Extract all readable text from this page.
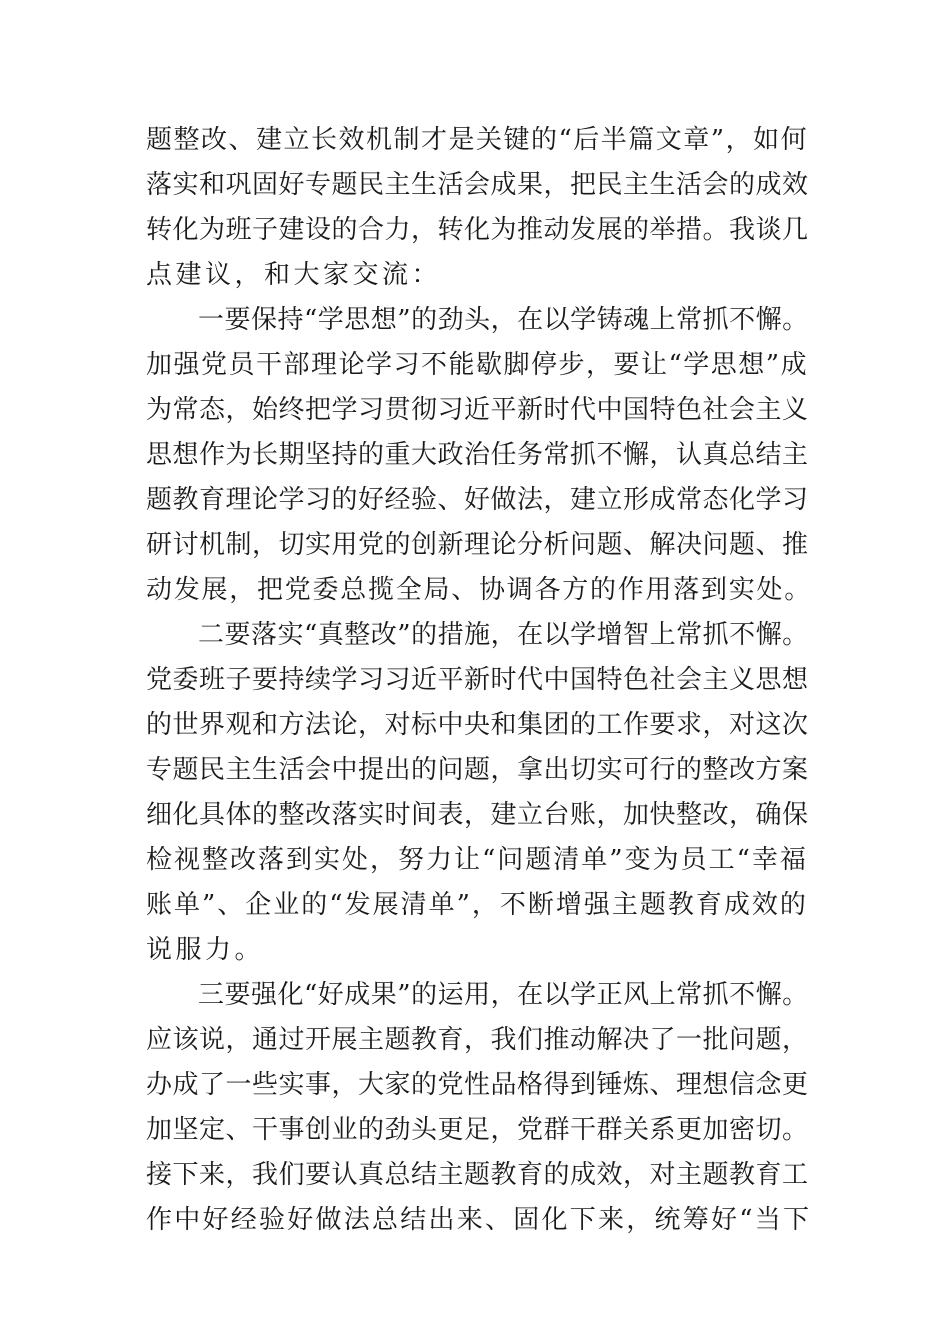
题整改、建立长效机制才是关键的“后半篇文章”，如何
落实和巩固好专题民主生活会成果，把民主生活会的成效
转化为班子建设的合力，转化为推动发展的举措。我谈几
点建议，和大家交流：
一要保持“学思想”的劲头，在以学铸魂上常抓不懈。
加强党员干部理论学习不能歇脚停步，要让“学思想”成
为常态，始终把学习贯彻习近平新时代中国特色社会主义
思想作为长期坚持的重大政治任务常抓不懈，认真总结主
题教育理论学习的好经验、好做法，建立形成常态化学习
研讨机制，切实用党的创新理论分析问题、解决问题、推
动发展，把党委总揽全局、协调各方的作用落到实处。
二要落实“真整改”的措施，在以学增智上常抓不懈。
党委班子要持续学习习近平新时代中国特色社会主义思想
的世界观和方法论，对标中央和集团的工作要求，对这次
专题民主生活会中提出的问题，拿出切实可行的整改方案
细化具体的整改落实时间表，建立台账，加快整改，确保
检视整改落到实处，努力让“问题清单”变为员工“幸福
账单”、企业的“发展清单”，不断增强主题教育成效的
说服力。
三要强化“好成果”的运用，在以学正风上常抓不懈。
应该说，通过开展主题教育，我们推动解决了一批问题，
办成了一些实事，大家的党性品格得到锤炼、理想信念更
加坚定、干事创业的劲头更足，党群干群关系更加密切。
接下来，我们要认真总结主题教育的成效，对主题教育工
作中好经验好做法总结出来、固化下来，统筹好“当下
